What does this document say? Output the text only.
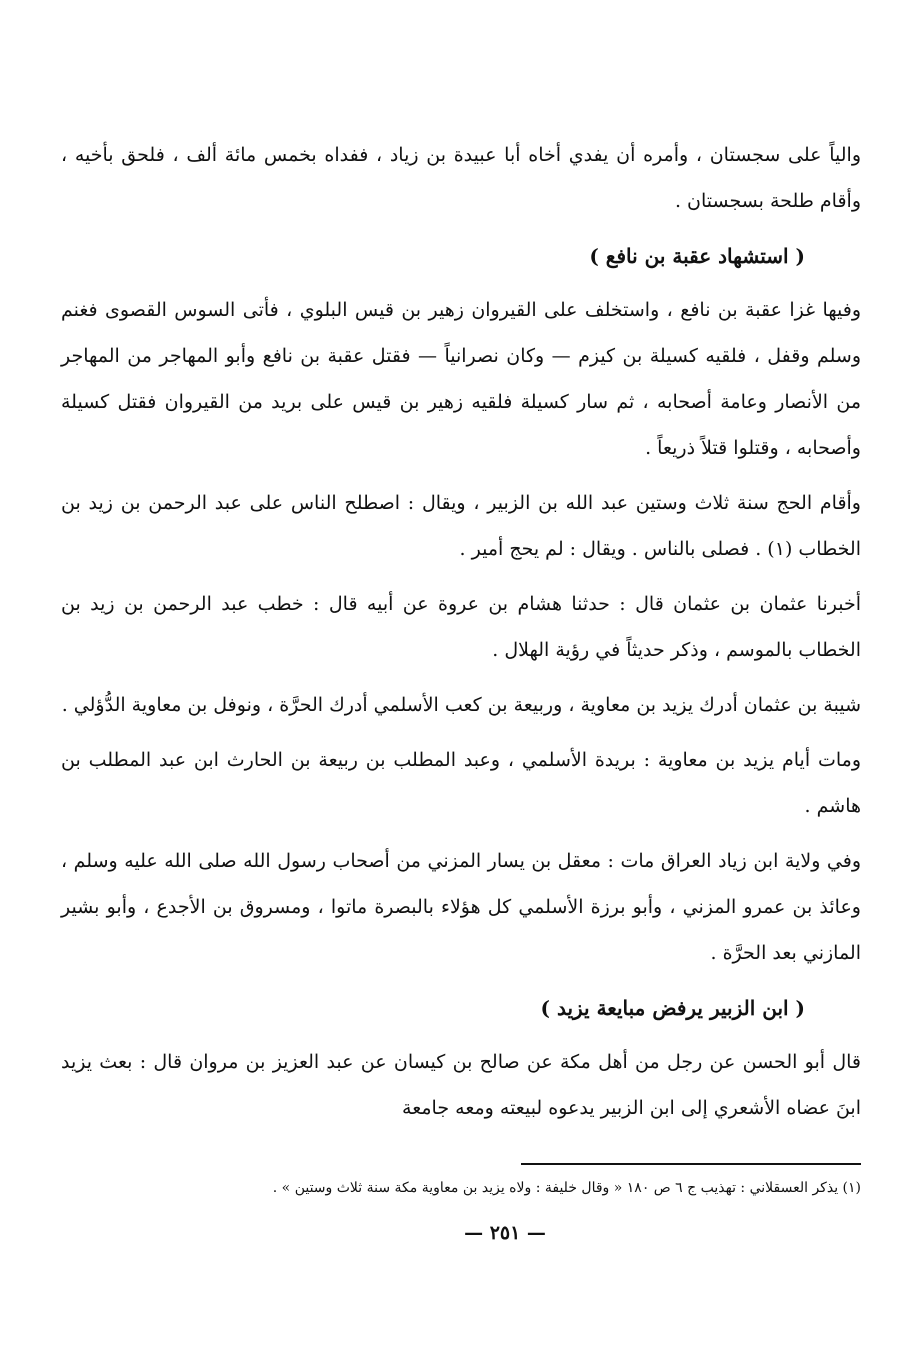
والياً على سجستان ، وأمره أن يفدي أخاه أبا عبيدة بن زياد ، ففداه بخمس مائة ألف ، فلحق بأخيه ، وأقام طلحة بسجستان .

( استشهاد عقبة بن نافع )

وفيها غزا عقبة بن نافع ، واستخلف على القيروان زهير بن قيس البلوي ، فأتى السوس القصوى فغنم وسلم وقفل ، فلقيه كسيلة بن كيزم — وكان نصرانياً — فقتل عقبة بن نافع وأبو المهاجر من المهاجر من الأنصار وعامة أصحابه ، ثم سار كسيلة فلقيه زهير بن قيس على بريد من القيروان فقتل كسيلة وأصحابه ، وقتلوا قتلاً ذريعاً .

وأقام الحج سنة ثلاث وستين عبد الله بن الزبير ، ويقال : اصطلح الناس على عبد الرحمن بن زيد بن الخطاب (١) . فصلى بالناس . ويقال : لم يحج أمير .

أخبرنا عثمان بن عثمان قال : حدثنا هشام بن عروة عن أبيه قال : خطب عبد الرحمن بن زيد بن الخطاب بالموسم ، وذكر حديثاً في رؤية الهلال .

شيبة بن عثمان أدرك يزيد بن معاوية ، وربيعة بن كعب الأسلمي أدرك الحرَّة ، ونوفل بن معاوية الدُّؤلي .

ومات أيام يزيد بن معاوية : بريدة الأسلمي ، وعبد المطلب بن ربيعة بن الحارث ابن عبد المطلب بن هاشم .

وفي ولاية ابن زياد العراق مات : معقل بن يسار المزني من أصحاب رسول الله صلى الله عليه وسلم ، وعائذ بن عمرو المزني ، وأبو برزة الأسلمي كل هؤلاء بالبصرة ماتوا ، ومسروق بن الأجدع ، وأبو بشير المازني بعد الحرَّة .

( ابن الزبير يرفض مبايعة يزيد )

قال أبو الحسن عن رجل من أهل مكة عن صالح بن كيسان عن عبد العزيز بن مروان قال : بعث يزيد ابنَ عضاه الأشعري إلى ابن الزبير يدعوه لبيعته ومعه جامعة

(١) يذكر العسقلاني : تهذيب ج ٦ ص ١٨٠ « وقال خليفة : ولاه يزيد بن معاوية مكة سنة ثلاث وستين » .
— ٢٥١ —
